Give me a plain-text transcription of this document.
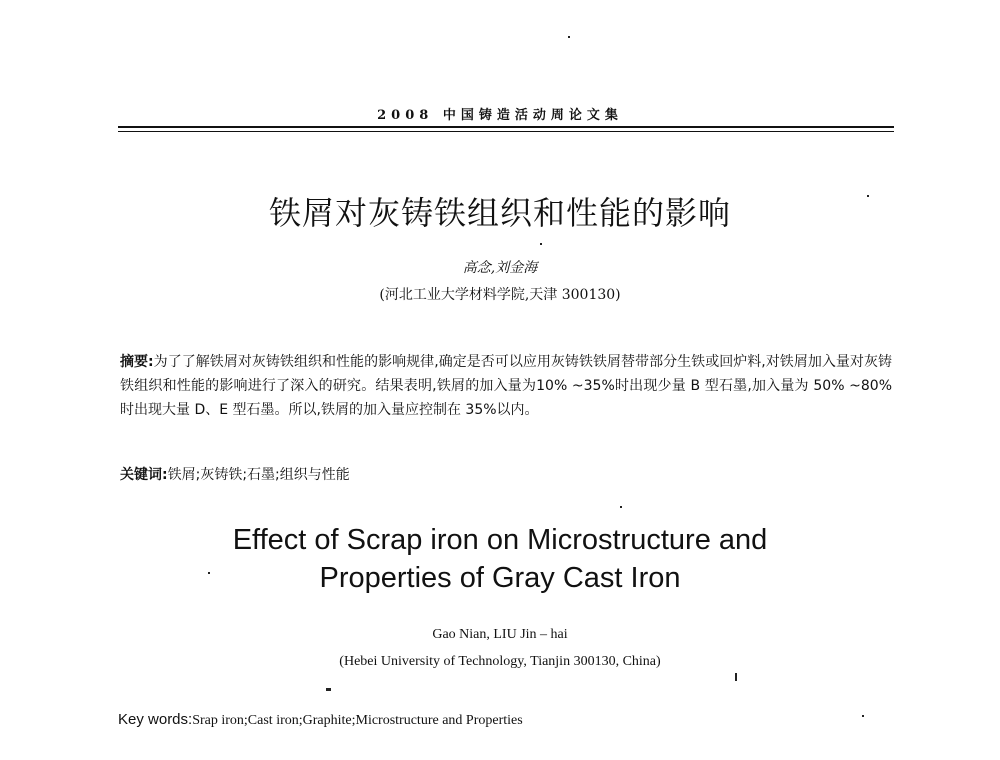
2008 中国铸造活动周论文集
铁屑对灰铸铁组织和性能的影响
高念,刘金海
(河北工业大学材料学院,天津 300130)
摘要:为了了解铁屑对灰铸铁组织和性能的影响规律,确定是否可以应用灰铸铁铁屑替带部分生铁或回炉料,对铁屑加入量对灰铸铁组织和性能的影响进行了深入的研究。结果表明,铁屑的加入量为10% ~35%时出现少量 B 型石墨,加入量为 50% ~80%时出现大量 D、E 型石墨。所以,铁屑的加入量应控制在 35%以内。
关键词:铁屑;灰铸铁;石墨;组织与性能
Effect of Scrap iron on Microstructure and
Properties of Gray Cast Iron
Gao Nian, LIU Jin – hai
(Hebei University of Technology, Tianjin 300130, China)
Key words:Srap iron;Cast iron;Graphite;Microstructure and Properties
